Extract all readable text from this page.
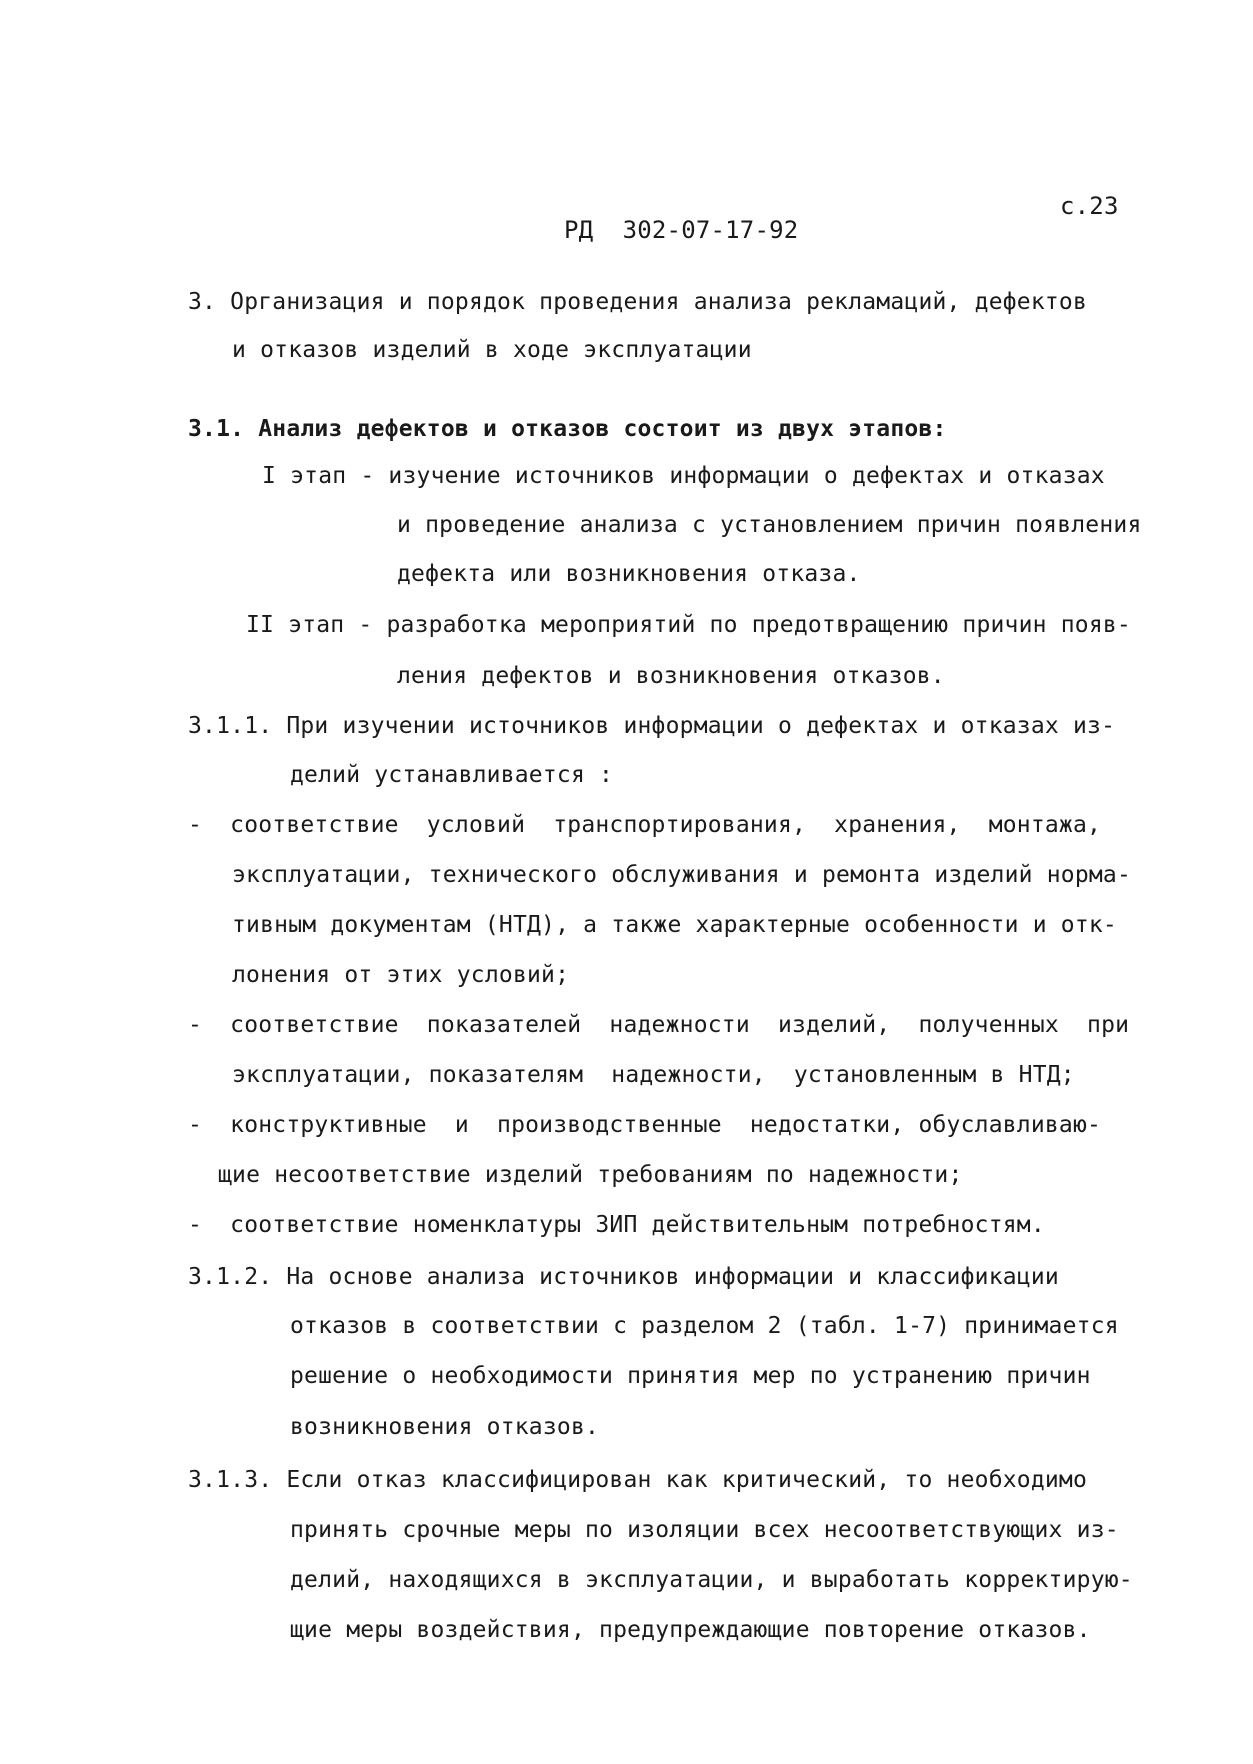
с.23
РД  302-07-17-92
3. Организация и порядок проведения анализа рекламаций, дефектов
и отказов изделий в ходе эксплуатации
3.1. Анализ дефектов и отказов состоит из двух этапов:
I этап - изучение источников информации о дефектах и отказах
и проведение анализа с установлением причин появления
дефекта или возникновения отказа.
II этап - разработка мероприятий по предотвращению причин появ-
ления дефектов и возникновения отказов.
3.1.1. При изучении источников информации о дефектах и отказах из-
делий устанавливается :
-  соответствие  условий  транспортирования,  хранения,  монтажа,
эксплуатации, технического обслуживания и ремонта изделий норма-
тивным документам (НТД), а также характерные особенности и отк-
лонения от этих условий;
-  соответствие  показателей  надежности  изделий,  полученных  при
эксплуатации, показателям  надежности,  установленным в НТД;
-  конструктивные  и  производственные  недостатки, обуславливаю-
щие несоответствие изделий требованиям по надежности;
-  соответствие номенклатуры ЗИП действительным потребностям.
3.1.2. На основе анализа источников информации и классификации
отказов в соответствии с разделом 2 (табл. 1-7) принимается
решение о необходимости принятия мер по устранению причин
возникновения отказов.
3.1.3. Если отказ классифицирован как критический, то необходимо
принять срочные меры по изоляции всех несоответствующих из-
делий, находящихся в эксплуатации, и выработать корректирую-
щие меры воздействия, предупреждающие повторение отказов.
